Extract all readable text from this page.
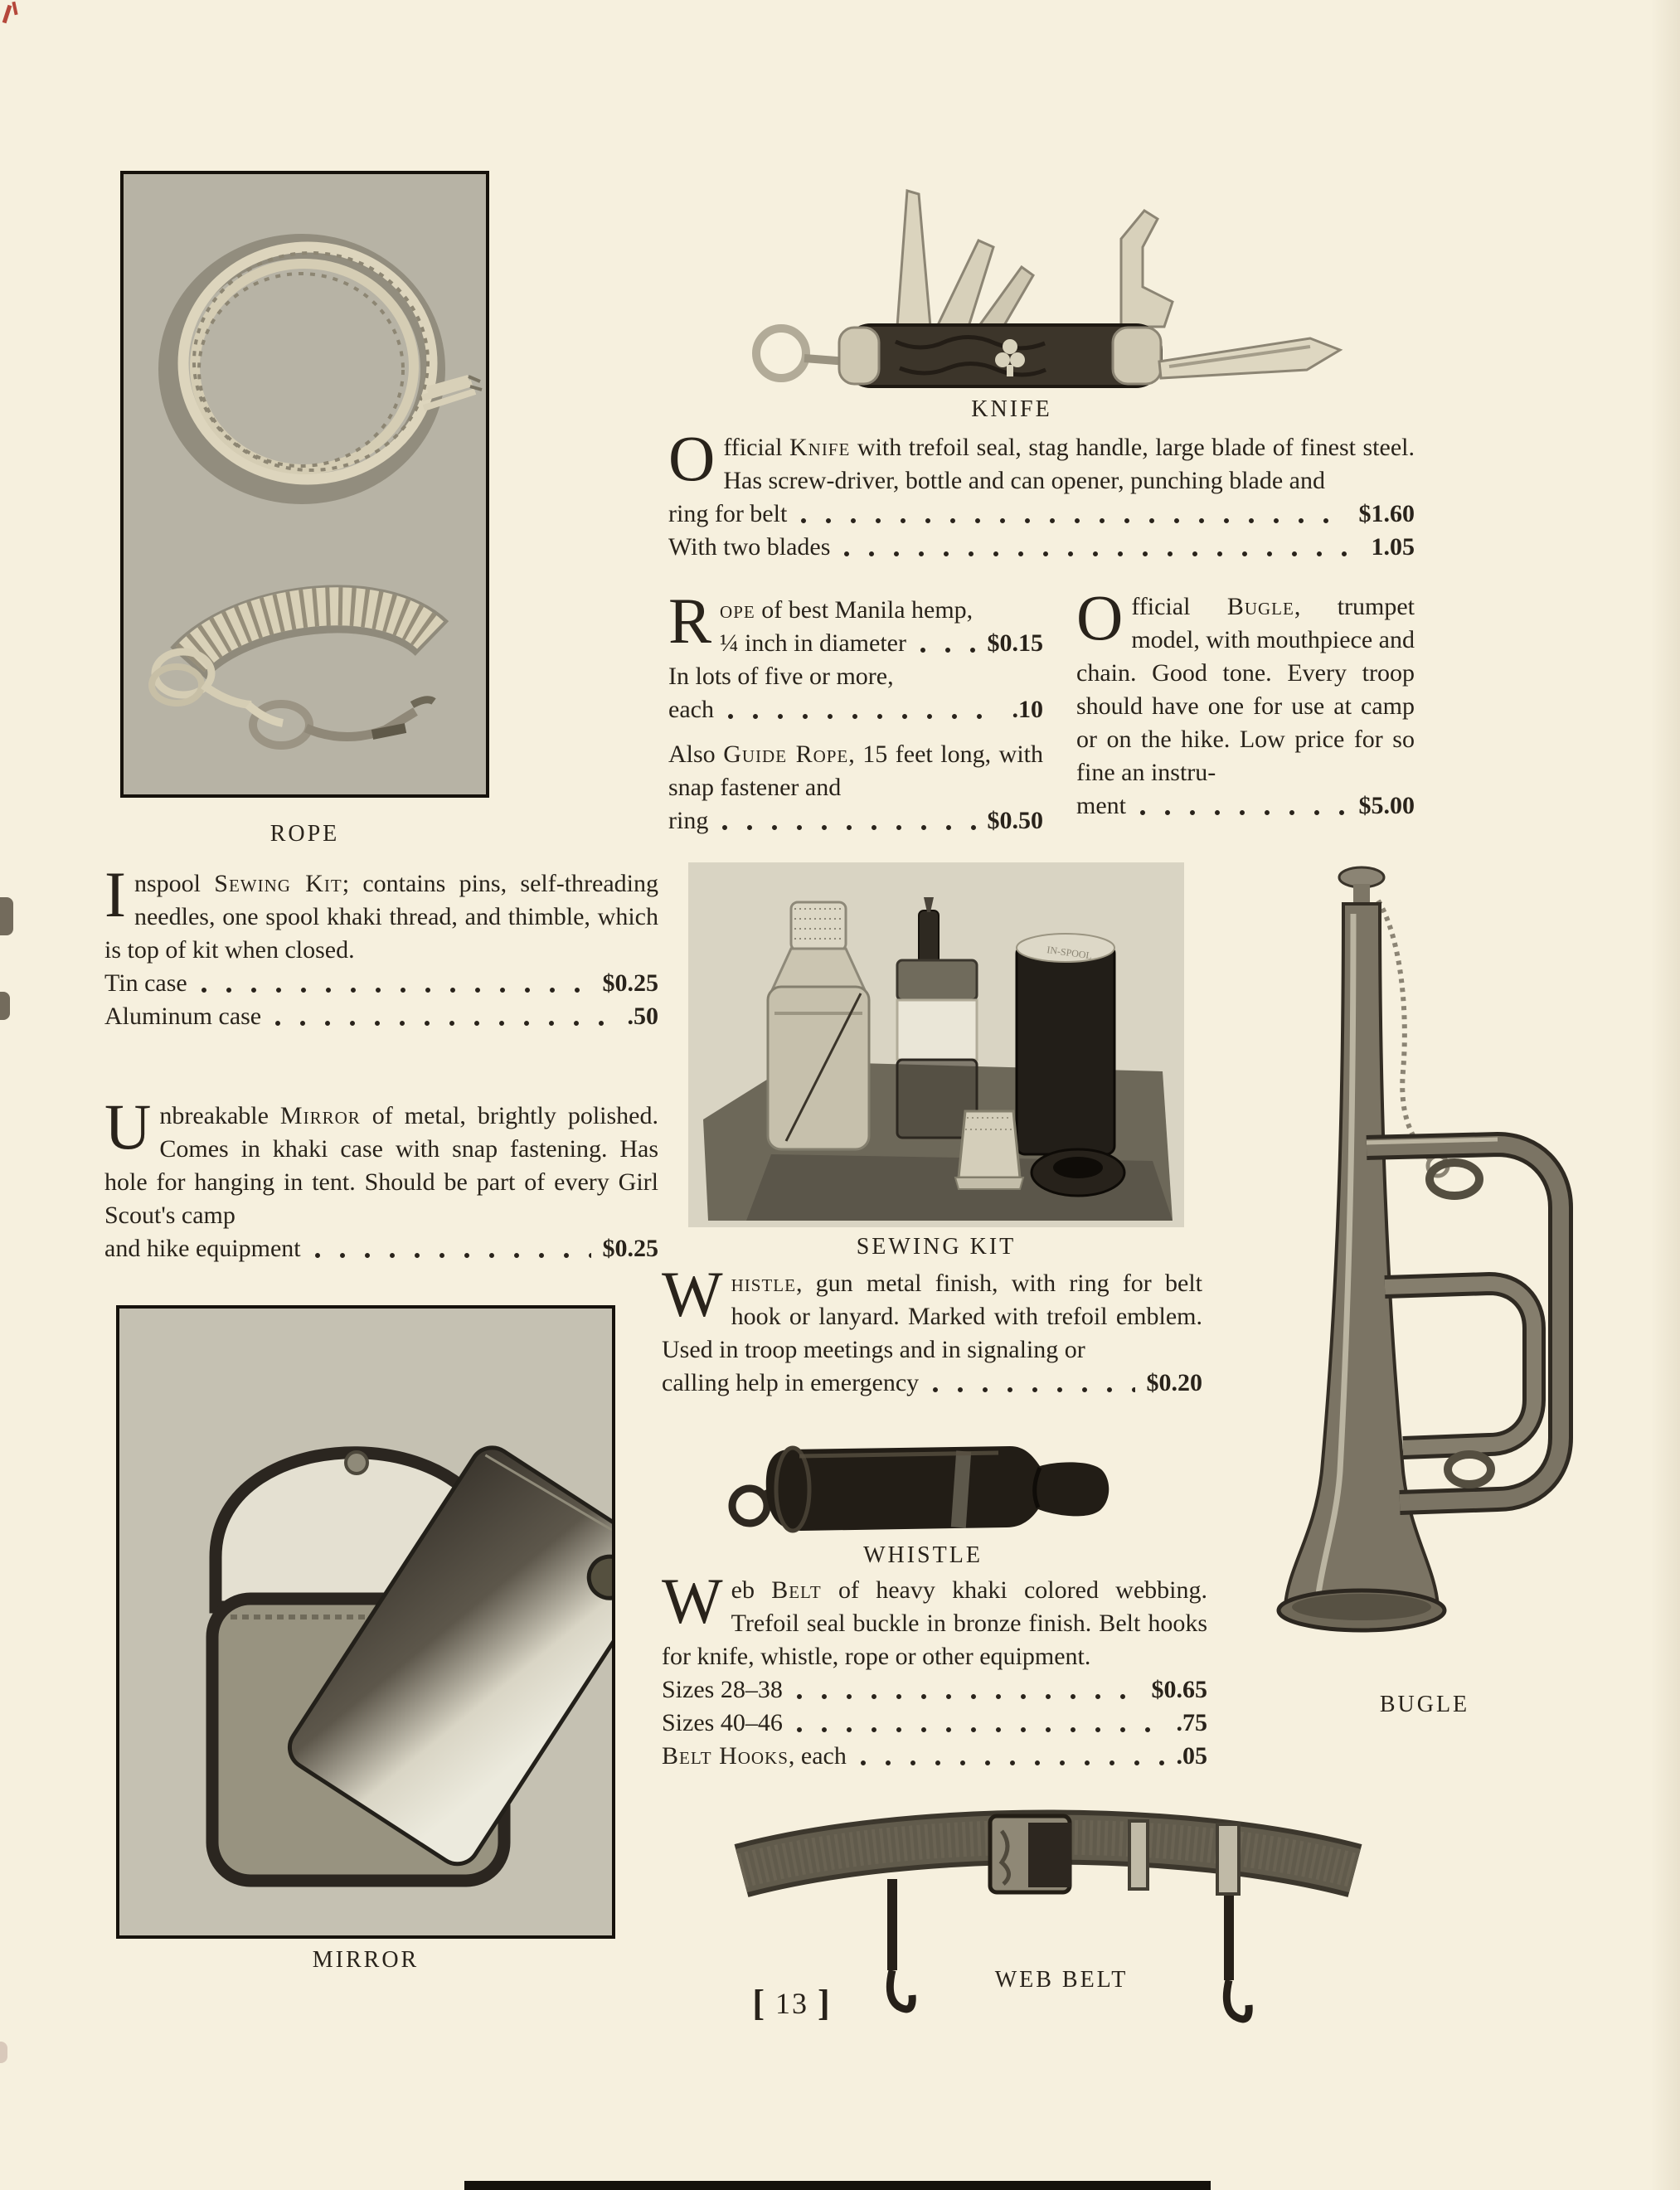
ROPE
KNIFE

Official Knife with trefoil seal, stag handle, large blade of finest steel. Has screw-driver, bottle and can opener, punching blade and

ring for belt	$1.60
With two blades	1.05

Rope of best Manila hemp,

¼ inch in diameter	$0.15

In lots of five or more,

each	.10

Also Guide Rope, 15 feet long, with snap fastener and

ring	$0.50

Official Bugle, trumpet model, with mouthpiece and chain. Good tone. Every troop should have one for use at camp or on the hike. Low price for so fine an instru-

ment	$5.00

Inspool Sewing Kit; contains pins, self-threading needles, one spool khaki thread, and thimble, which is top of kit when closed.

Tin case	$0.25
Aluminum case	.50

Unbreakable Mirror of metal, brightly polished. Comes in khaki case with snap fastening. Has hole for hanging in tent. Should be part of every Girl Scout's camp

and hike equipment	$0.25
IN-SPOOL
SEWING KIT

Whistle, gun metal finish, with ring for belt hook or lanyard. Marked with trefoil emblem. Used in troop meetings and in signaling or

calling help in emergency	$0.20
WHISTLE

Web Belt of heavy khaki colored webbing. Trefoil seal buckle in bronze finish. Belt hooks for knife, whistle, rope or other equipment.

Sizes 28–38	$0.65
Sizes 40–46	.75
Belt Hooks, each	.05
BUGLE
MIRROR
WEB BELT
[ 13 ]
